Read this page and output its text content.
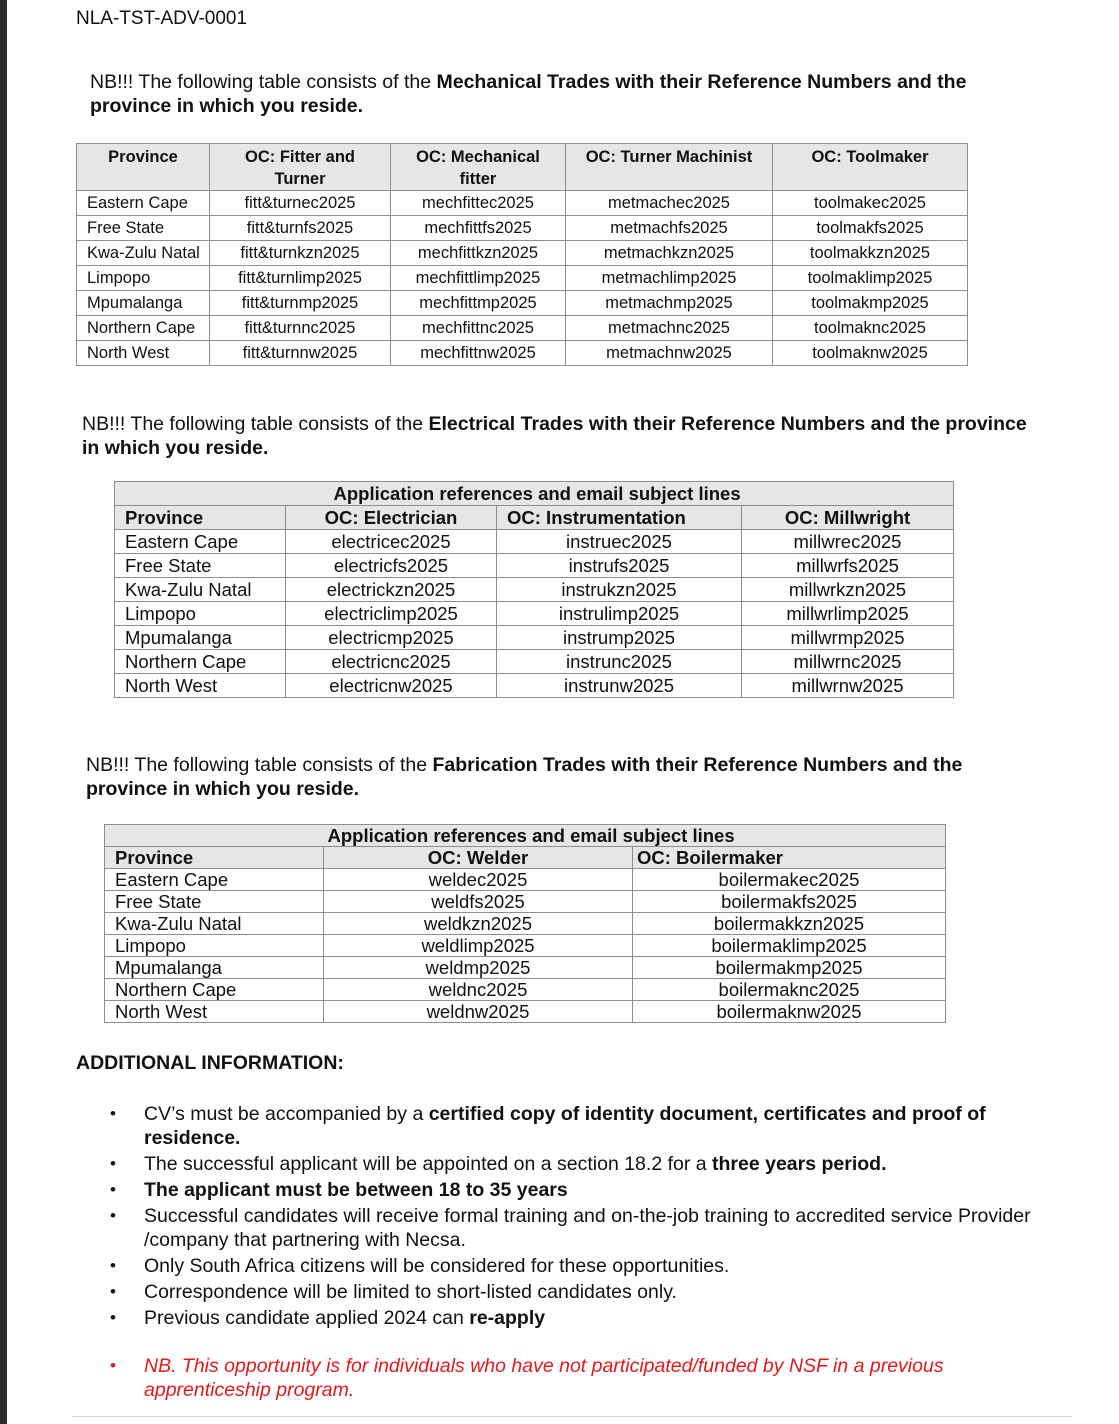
NLA-TST-ADV-0001
NB!!! The following table consists of the Mechanical Trades with their Reference Numbers and the province in which you reside.
Province	OC: Fitter and Turner	OC: Mechanical fitter	OC: Turner Machinist	OC: Toolmaker
Eastern Cape	fitt&turnec2025	mechfittec2025	metmachec2025	toolmakec2025
Free State	fitt&turnfs2025	mechfittfs2025	metmachfs2025	toolmakfs2025
Kwa-Zulu Natal	fitt&turnkzn2025	mechfittkzn2025	metmachkzn2025	toolmakkzn2025
Limpopo	fitt&turnlimp2025	mechfittlimp2025	metmachlimp2025	toolmaklimp2025
Mpumalanga	fitt&turnmp2025	mechfittmp2025	metmachmp2025	toolmakmp2025
Northern Cape	fitt&turnnc2025	mechfittnc2025	metmachnc2025	toolmaknc2025
North West	fitt&turnnw2025	mechfittnw2025	metmachnw2025	toolmaknw2025
NB!!! The following table consists of the Electrical Trades with their Reference Numbers and the province in which you reside.
	Application references and email subject lines		
Province	OC: Electrician	OC: Instrumentation	OC: Millwright
Eastern Cape	electricec2025	instruec2025	millwrec2025
Free State	electricfs2025	instrufs2025	millwrfs2025
Kwa-Zulu Natal	electrickzn2025	instrukzn2025	millwrkzn2025
Limpopo	electriclimp2025	instrulimp2025	millwrlimp2025
Mpumalanga	electricmp2025	instrump2025	millwrmp2025
Northern Cape	electricnc2025	instrunc2025	millwrnc2025
North West	electricnw2025	instrunw2025	millwrnw2025
NB!!! The following table consists of the Fabrication Trades with their Reference Numbers and the province in which you reside.
	Application references and email subject lines	
Province	OC: Welder	OC: Boilermaker
Eastern Cape	weldec2025	boilermakec2025
Free State	weldfs2025	boilermakfs2025
Kwa-Zulu Natal	weldkzn2025	boilermakkzn2025
Limpopo	weldlimp2025	boilermaklimp2025
Mpumalanga	weldmp2025	boilermakmp2025
Northern Cape	weldnc2025	boilermaknc2025
North West	weldnw2025	boilermaknw2025
ADDITIONAL INFORMATION:
• CV’s must be accompanied by a certified copy of identity document, certificates and proof of residence.
• The successful applicant will be appointed on a section 18.2 for a three years period.
• The applicant must be between 18 to 35 years
• Successful candidates will receive formal training and on-the-job training to accredited service Provider /company that partnering with Necsa.
• Only South Africa citizens will be considered for these opportunities.
• Correspondence will be limited to short-listed candidates only.
• Previous candidate applied 2024 can re-apply
• NB. This opportunity is for individuals who have not participated/funded by NSF in a previous apprenticeship program.
